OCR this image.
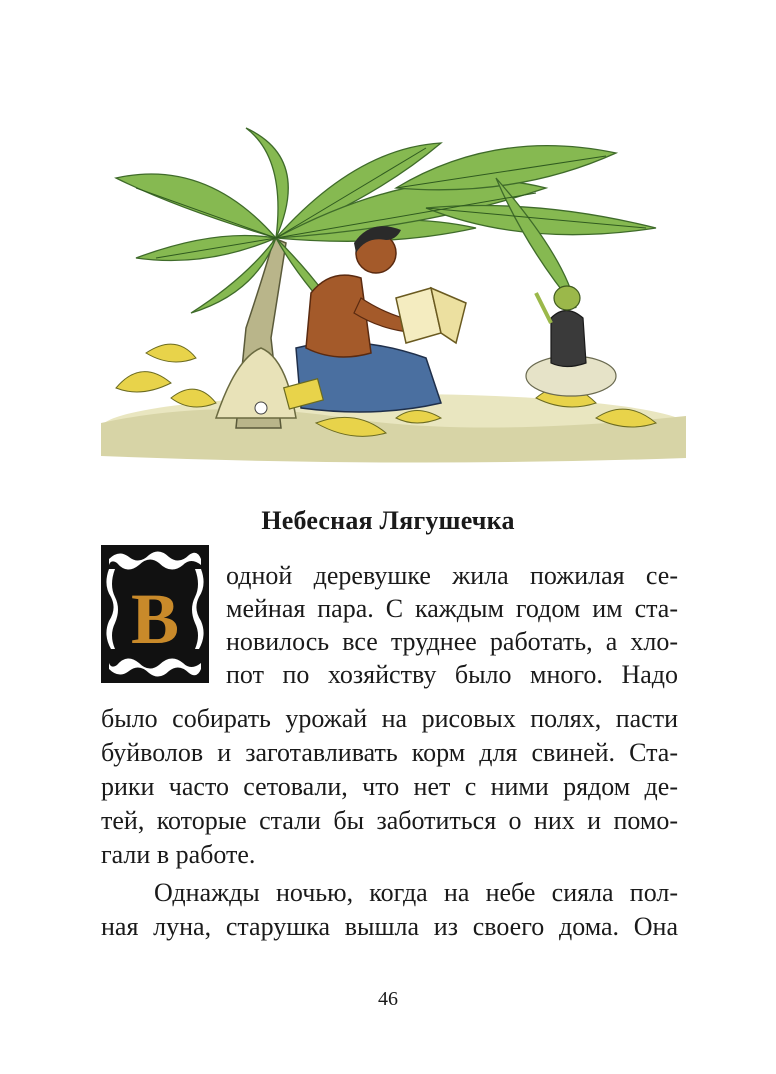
Небесная Лягушечка
В
одной деревушке жила пожилая се-
мейная пара. С каждым годом им ста-
новилось все труднее работать, а хло-
пот по хозяйству было много. Надо
было собирать урожай на рисовых полях, пасти
буйволов и заготавливать корм для свиней. Ста-
рики часто сетовали, что нет с ними рядом де-
тей, которые стали бы заботиться о них и помо-
гали в работе.
Однажды ночью, когда на небе сияла пол-
ная луна, старушка вышла из своего дома. Она
46
